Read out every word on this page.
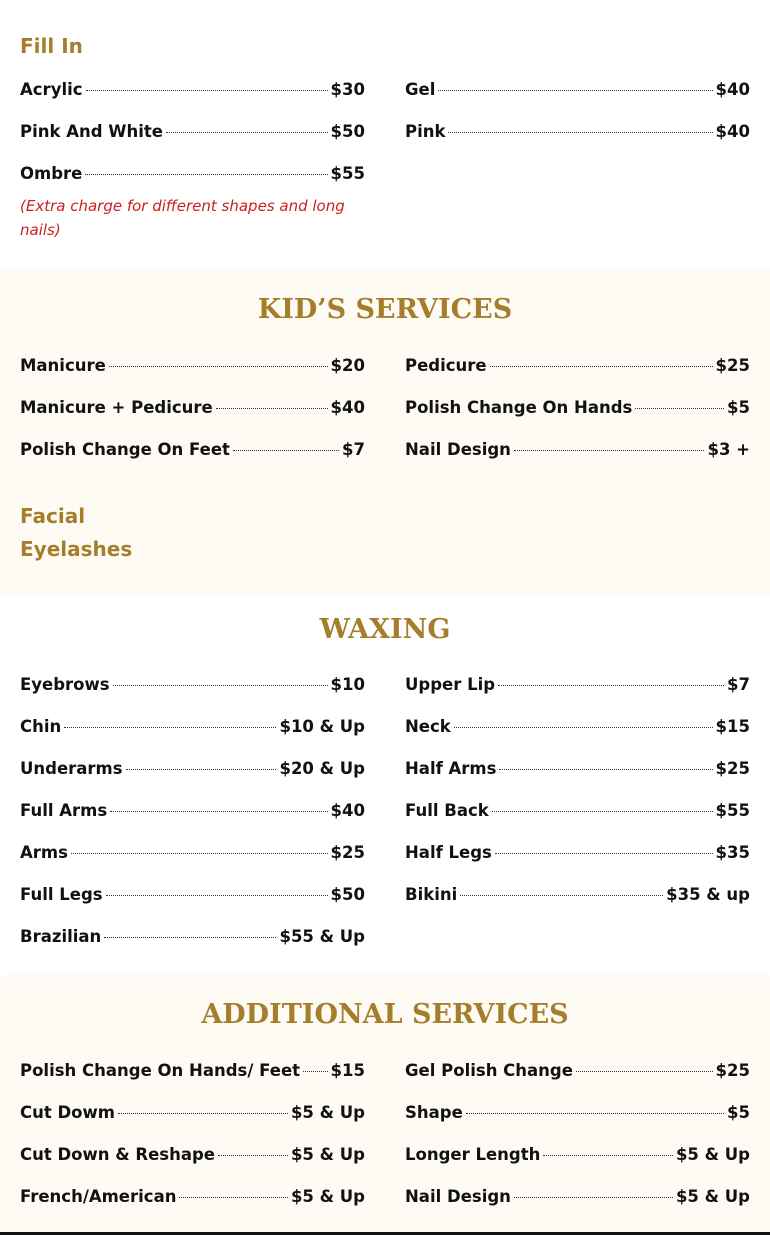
Fill In
Acrylic	$30
Pink And White	$50
Ombre	$55
Gel	$40
Pink	$40
(Extra charge for different shapes and long nails)
KID’S SERVICES
Manicure	$20
Manicure + Pedicure	$40
Polish Change On Feet	$7
Pedicure	$25
Polish Change On Hands	$5
Nail Design	$3 +
Facial
Eyelashes
WAXING
Eyebrows	$10
Chin	$10 & Up
Underarms	$20 & Up
Full Arms	$40
Arms	$25
Full Legs	$50
Brazilian	$55 & Up
Upper Lip	$7
Neck	$15
Half Arms	$25
Full Back	$55
Half Legs	$35
Bikini	$35 & up
ADDITIONAL SERVICES
Polish Change On Hands/ Feet $15
Cut Dowm	$5 & Up
Cut Down & Reshape	$5 & Up
French/American	$5 & Up
Gel Polish Change	$25
Shape	$5
Longer Length	$5 & Up
Nail Design	$5 & Up
